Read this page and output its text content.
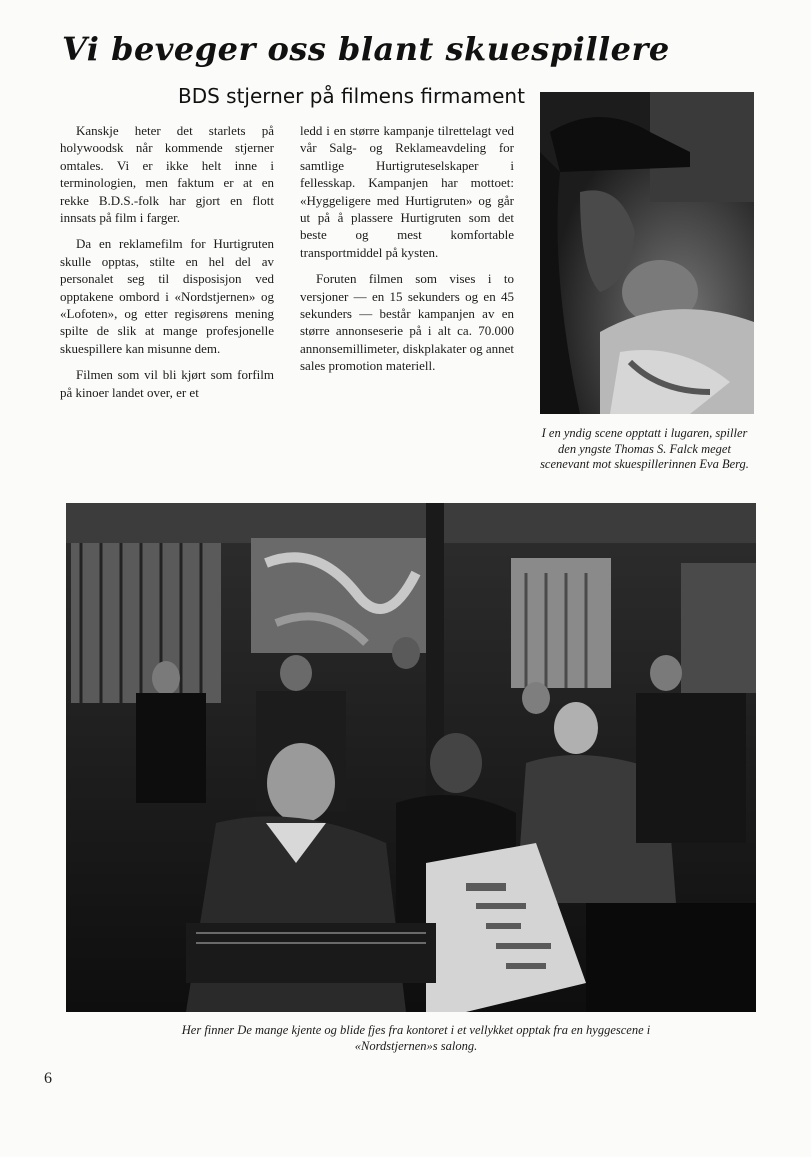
Vi beveger oss blant skuespillere
BDS stjerner på filmens firmament

Kanskje heter det starlets på holywoodsk når kommende stjerner omtales. Vi er ikke helt inne i terminologien, men faktum er at en rekke B.D.S.-folk har gjort en flott innsats på film i farger.

Da en reklamefilm for Hurtigruten skulle opptas, stilte en hel del av personalet seg til disposisjon ved opptakene ombord i «Nordstjernen» og «Lofoten», og etter regisørens mening spilte de slik at mange profesjonelle skuespillere kan misunne dem.

Filmen som vil bli kjørt som forfilm på kinoer landet over, er et

ledd i en større kampanje tilrettelagt ved vår Salg- og Reklameavdeling for samtlige Hurtigruteselskaper i fellesskap. Kampanjen har mottoet: «Hyggeligere med Hurtigruten» og går ut på å plassere Hurtigruten som det beste og mest komfortable transportmiddel på kysten.

Foruten filmen som vises i to versjoner — en 15 sekunders og en 45 sekunders — består kampanjen av en større annonseserie på i alt ca. 70.000 annonsemillimeter, diskplakater og annet sales promotion materiell.

I en yndig scene opptatt i lugaren, spiller den yngste Thomas S. Falck meget scenevant mot skuespillerinnen Eva Berg.
Her finner De mange kjente og blide fjes fra kontoret i et vellykket opptak fra en hyggescene i «Nordstjernen»s salong.
6
